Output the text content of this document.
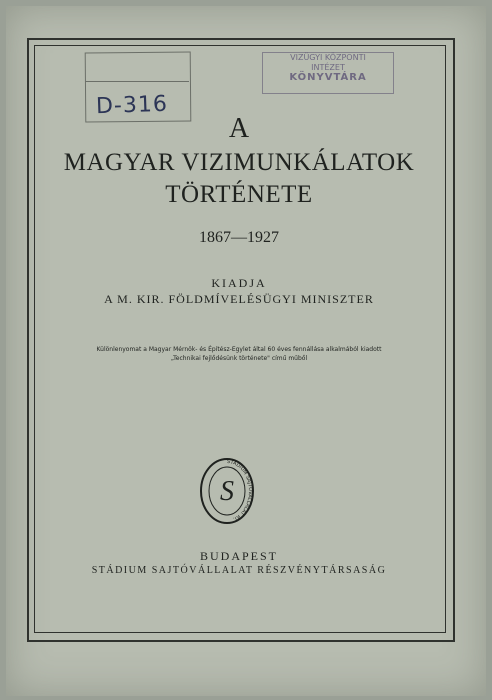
D-316
VIZÜGYI KÖZPONTI
INTÉZET
KÖNYVTÁRA
A
MAGYAR VIZIMUNKÁLATOK
TÖRTÉNETE
1867—1927
KIADJA
A M. KIR. FÖLDMÍVELÉSÜGYI MINISZTER
Különlenyomat a Magyar Mérnök- és Építész-Egylet által 60 éves fennállása alkalmából kiadott
„Technikai fejlődésünk története" című műből
STÁDIUM SAJTÓVÁLLALAT RT.
S
BUDAPEST
STÁDIUM SAJTÓVÁLLALAT RÉSZVÉNYTÁRSASÁG
